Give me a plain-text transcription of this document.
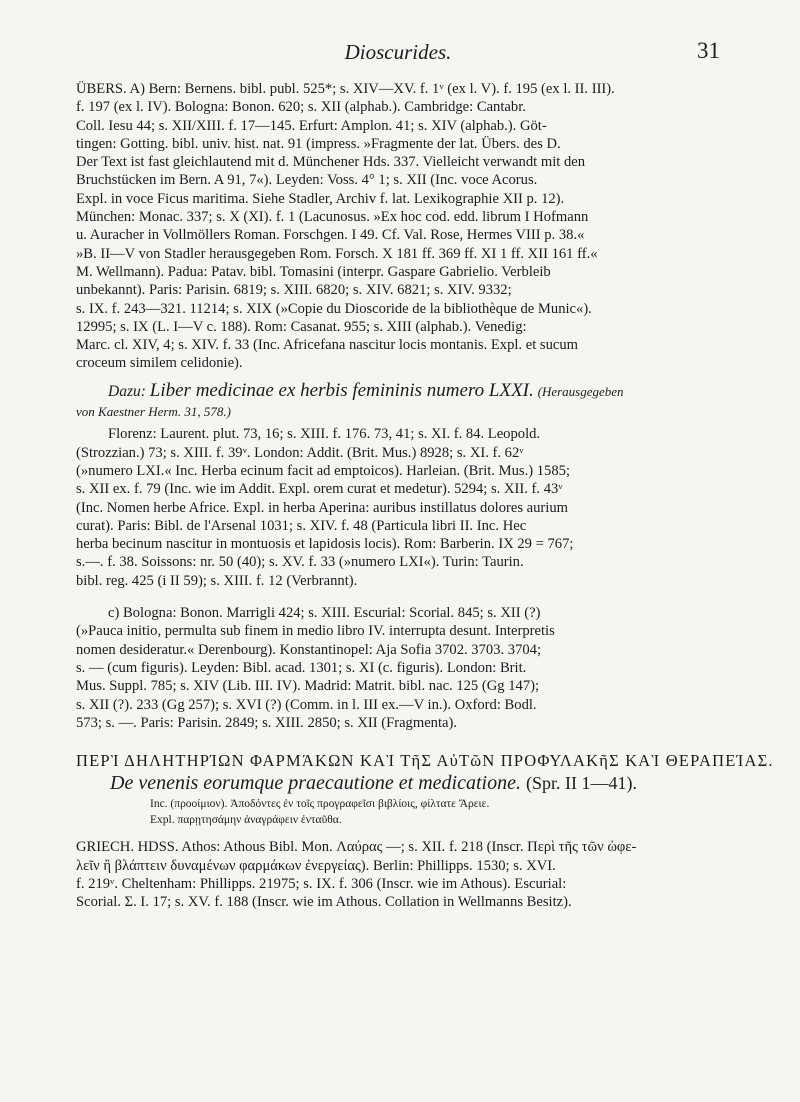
Dioscurides.	31
ÜBERS. A) Bern: Bernens. bibl. publ. 525*; s. XIV—XV. f. 1ᵛ (ex l. V). f. 195 (ex l. II. III).
f. 197 (ex l. IV). Bologna: Bonon. 620; s. XII (alphab.). Cambridge: Cantabr.
Coll. Iesu 44; s. XII/XIII. f. 17—145. Erfurt: Amplon. 41; s. XIV (alphab.). Göt-
tingen: Gotting. bibl. univ. hist. nat. 91 (impress. »Fragmente der lat. Übers. des D.
Der Text ist fast gleichlautend mit d. Münchener Hds. 337. Vielleicht verwandt mit den
Bruchstücken im Bern. A 91, 7«). Leyden: Voss. 4° 1; s. XII (Inc. voce Acorus.
Expl. in voce Ficus maritima. Siehe Stadler, Archiv f. lat. Lexikographie XII p. 12).
München: Monac. 337; s. X (XI). f. 1 (Lacunosus. »Ex hoc cod. edd. librum I Hofmann
u. Auracher in Vollmöllers Roman. Forschgen. I 49. Cf. Val. Rose, Hermes VIII p. 38.«
»B. II—V von Stadler herausgegeben Rom. Forsch. X 181 ff. 369 ff. XI 1 ff. XII 161 ff.«
M. Wellmann). Padua: Patav. bibl. Tomasini (interpr. Gaspare Gabrielio. Verbleib
unbekannt). Paris: Parisin. 6819; s. XIII. 6820; s. XIV. 6821; s. XIV. 9332;
s. IX. f. 243—321. 11214; s. XIX (»Copie du Dioscoride de la bibliothèque de Munic«).
12995; s. IX (L. I—V c. 188). Rom: Casanat. 955; s. XIII (alphab.). Venedig:
Marc. cl. XIV, 4; s. XIV. f. 33 (Inc. Africefana nascitur locis montanis. Expl. et sucum
croceum similem celidonie).
Dazu: Liber medicinae ex herbis femininis numero LXXI. (Herausgegeben
von Kaestner Herm. 31, 578.)
Florenz: Laurent. plut. 73, 16; s. XIII. f. 176. 73, 41; s. XI. f. 84. Leopold.
(Strozzian.) 73; s. XIII. f. 39ᵛ. London: Addit. (Brit. Mus.) 8928; s. XI. f. 62ᵛ
(»numero LXI.« Inc. Herba ecinum facit ad emptoicos). Harleian. (Brit. Mus.) 1585;
s. XII ex. f. 79 (Inc. wie im Addit. Expl. orem curat et medetur). 5294; s. XII. f. 43ᵛ
(Inc. Nomen herbe Africe. Expl. in herba Aperina: auribus instillatus dolores aurium
curat). Paris: Bibl. de l'Arsenal 1031; s. XIV. f. 48 (Particula libri II. Inc. Hec
herba becinum nascitur in montuosis et lapidosis locis). Rom: Barberin. IX 29 = 767;
s.—. f. 38. Soissons: nr. 50 (40); s. XV. f. 33 (»numero LXI«). Turin: Taurin.
bibl. reg. 425 (i II 59); s. XIII. f. 12 (Verbrannt).
c) Bologna: Bonon. Marrigli 424; s. XIII. Escurial: Scorial. 845; s. XII (?)
(»Pauca initio, permulta sub finem in medio libro IV. interrupta desunt. Interpretis
nomen desideratur.« Derenbourg). Konstantinopel: Aja Sofia 3702. 3703. 3704;
s. — (cum figuris). Leyden: Bibl. acad. 1301; s. XI (c. figuris). London: Brit.
Mus. Suppl. 785; s. XIV (Lib. III. IV). Madrid: Matrit. bibl. nac. 125 (Gg 147);
s. XII (?). 233 (Gg 257); s. XVI (?) (Comm. in l. III ex.—V in.). Oxford: Bodl.
573; s. —. Paris: Parisin. 2849; s. XIII. 2850; s. XII (Fragmenta).
ΠΕΡῚ ΔΗΛΗΤΗΡΊΩΝ ΦΑΡΜΆΚΩΝ ΚΑῚ ΤῆΣ ΑὐΤῶΝ ΠΡΟΦΥΛΑΚῆΣ ΚΑῚ ΘΕΡΑΠΕΊΑΣ.
De venenis eorumque praecautione et medicatione. (Spr. II 1—41).
Inc. (προοίμιον). Ἀποδόντες ἐν τοῖς προγραφεῖσι βιβλίοις, φίλτατε Ἄρειε.
Expl. παρῃτησάμην ἀναγράφειν ἐνταῦθα.
GRIECH. HDSS. Athos: Athous Bibl. Mon. Λαύρας —; s. XII. f. 218 (Inscr. Περὶ τῆς τῶν ὠφε-
λεῖν ἢ βλάπτειν δυναμένων φαρμάκων ἐνεργείας). Berlin: Phillipps. 1530; s. XVI.
f. 219ᵛ. Cheltenham: Phillipps. 21975; s. IX. f. 306 (Inscr. wie im Athous). Escurial:
Scorial. Σ. I. 17; s. XV. f. 188 (Inscr. wie im Athous. Collation in Wellmanns Besitz).
